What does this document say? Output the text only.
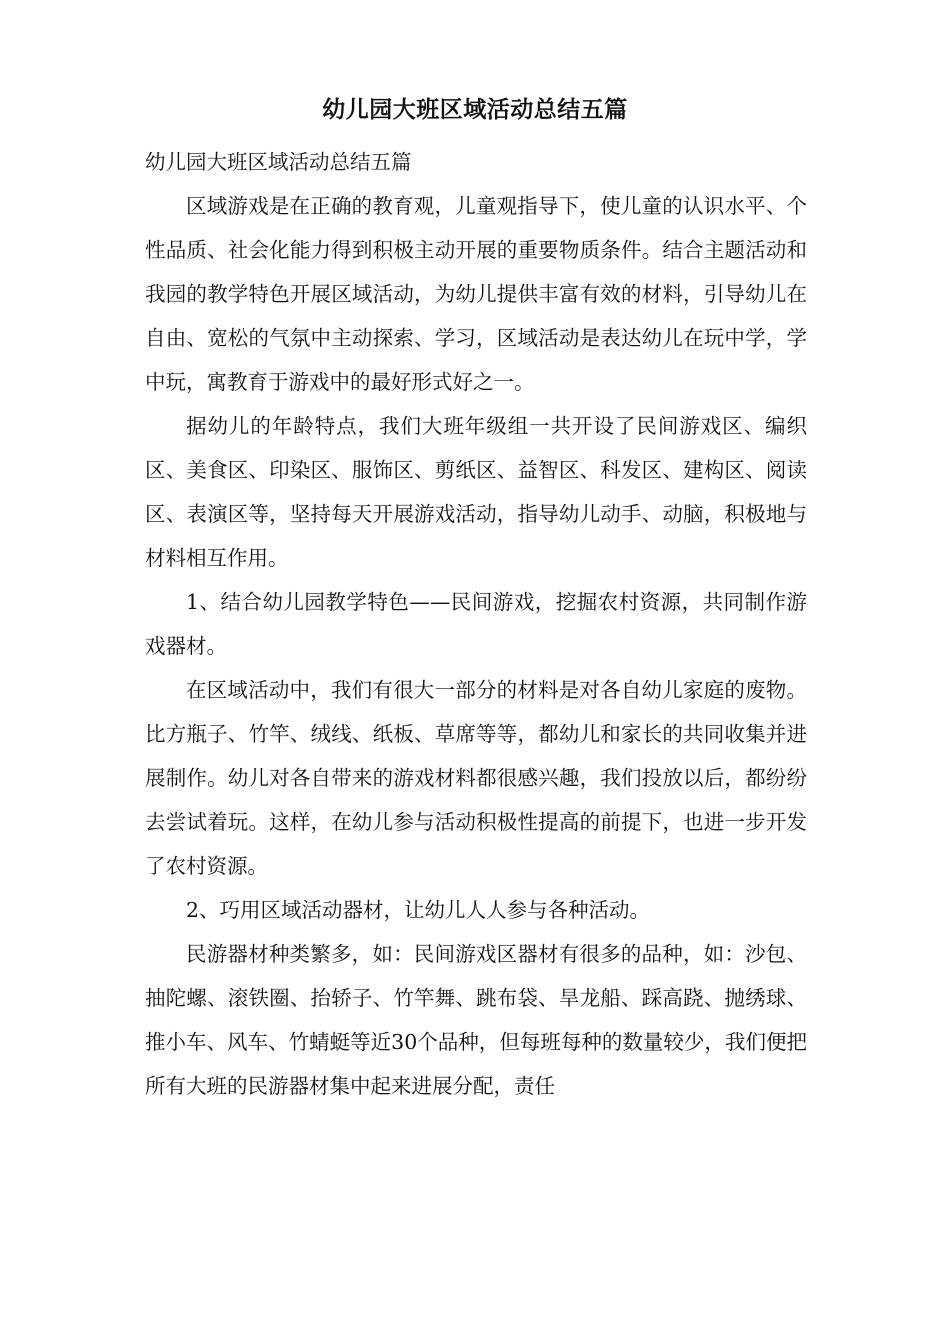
幼儿园大班区域活动总结五篇

幼儿园大班区域活动总结五篇

区域游戏是在正确的教育观，儿童观指导下，使儿童的认识水平、个性品质、社会化能力得到积极主动开展的重要物质条件。结合主题活动和我园的教学特色开展区域活动，为幼儿提供丰富有效的材料，引导幼儿在自由、宽松的气氛中主动探索、学习，区域活动是表达幼儿在玩中学，学中玩，寓教育于游戏中的最好形式好之一。

据幼儿的年龄特点，我们大班年级组一共开设了民间游戏区、编织区、美食区、印染区、服饰区、剪纸区、益智区、科发区、建构区、阅读区、表演区等，坚持每天开展游戏活动，指导幼儿动手、动脑，积极地与材料相互作用。

1、结合幼儿园教学特色——民间游戏，挖掘农村资源，共同制作游戏器材。

在区域活动中，我们有很大一部分的材料是对各自幼儿家庭的废物。比方瓶子、竹竿、绒线、纸板、草席等等，都幼儿和家长的共同收集并进展制作。幼儿对各自带来的游戏材料都很感兴趣，我们投放以后，都纷纷去尝试着玩。这样，在幼儿参与活动积极性提高的前提下，也进一步开发了农村资源。

2、巧用区域活动器材，让幼儿人人参与各种活动。

民游器材种类繁多，如：民间游戏区器材有很多的品种，如：沙包、抽陀螺、滚铁圈、抬轿子、竹竿舞、跳布袋、旱龙船、踩高跷、抛绣球、推小车、风车、竹蜻蜓等近30个品种，但每班每种的数量较少，我们便把所有大班的民游器材集中起来进展分配，责任
